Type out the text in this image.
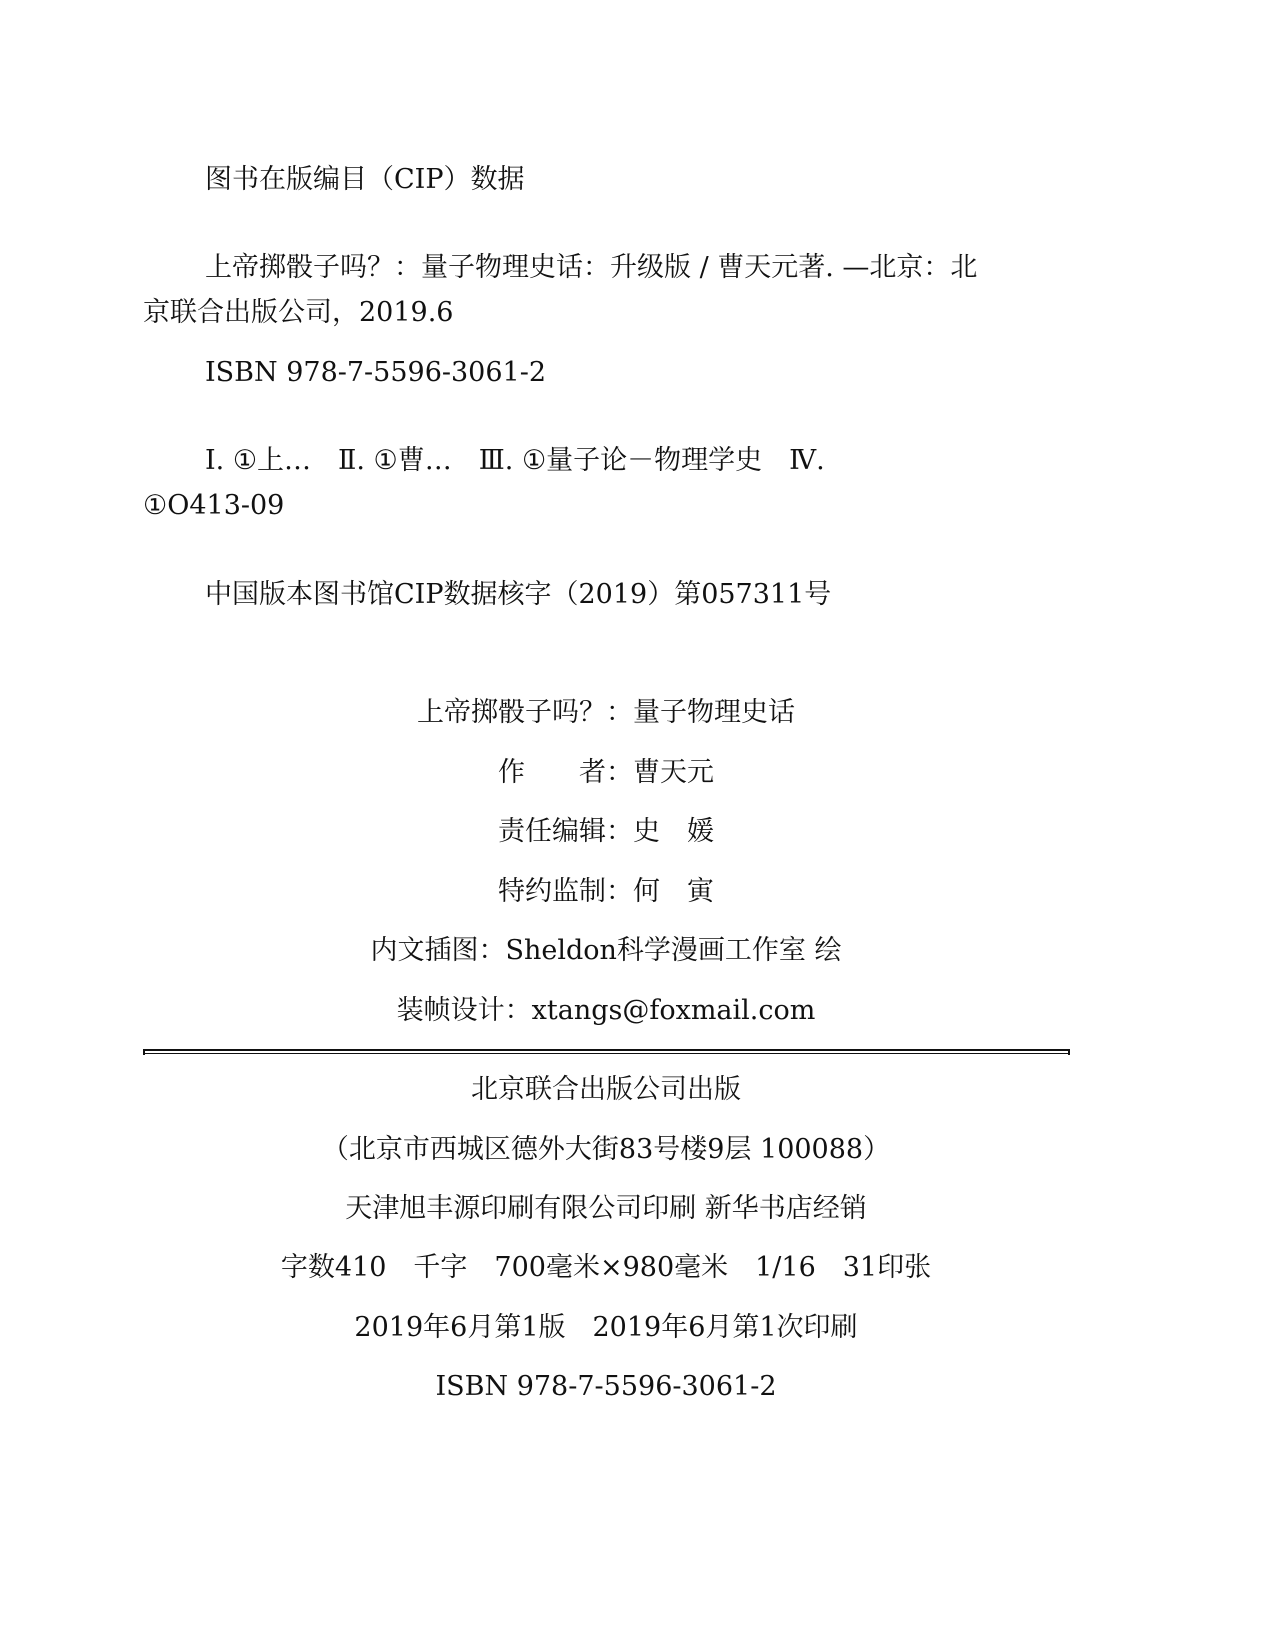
图书在版编目（CIP）数据
上帝掷骰子吗？：量子物理史话：升级版 / 曹天元著. —北京：北
京联合出版公司，2019.6
ISBN 978-7-5596-3061-2
Ⅰ. ①上…　Ⅱ. ①曹…　Ⅲ. ①量子论－物理学史　Ⅳ.
①O413-09
中国版本图书馆CIP数据核字（2019）第057311号
上帝掷骰子吗？：量子物理史话
作　　者：曹天元
责任编辑：史　媛
特约监制：何　寅
内文插图：Sheldon科学漫画工作室 绘
装帧设计：xtangs@foxmail.com
北京联合出版公司出版
（北京市西城区德外大街83号楼9层 100088）
天津旭丰源印刷有限公司印刷 新华书店经销
字数410　千字　700毫米×980毫米　1/16　31印张
2019年6月第1版　2019年6月第1次印刷
ISBN 978-7-5596-3061-2
